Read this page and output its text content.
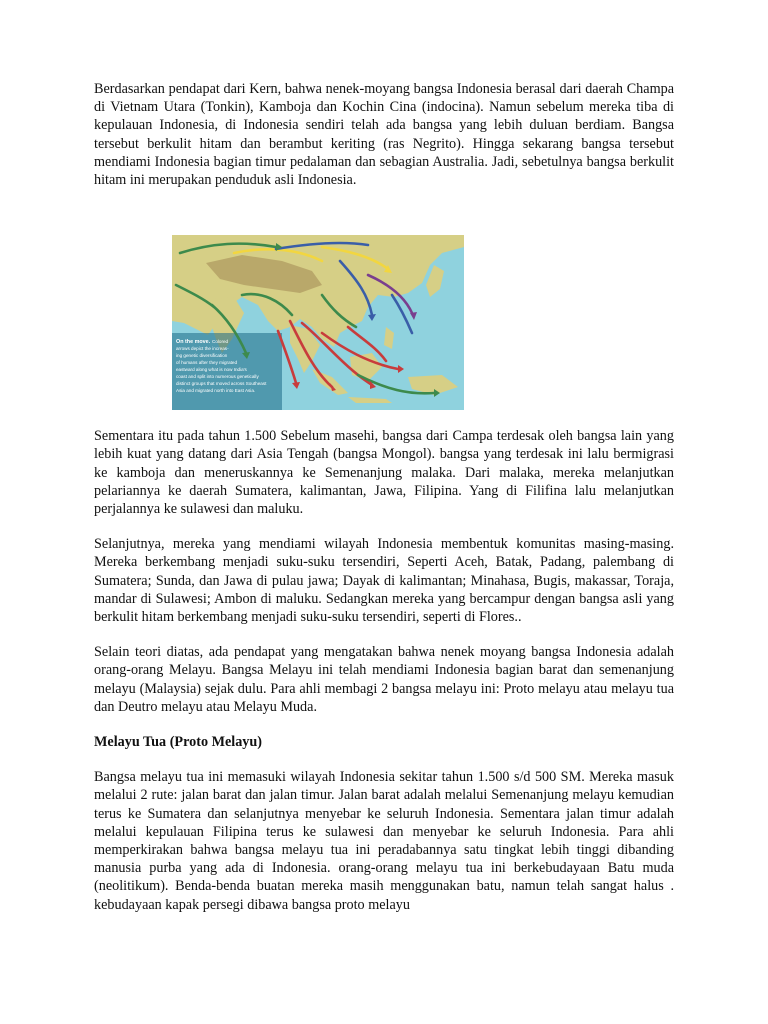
Berdasarkan pendapat dari Kern, bahwa nenek-moyang bangsa Indonesia berasal dari daerah Champa di Vietnam Utara (Tonkin), Kamboja dan Kochin Cina (indocina). Namun sebelum mereka tiba di kepulauan Indonesia, di Indonesia sendiri telah ada bangsa yang lebih duluan berdiam. Bangsa tersebut berkulit hitam dan berambut keriting (ras Negrito). Hingga sekarang bangsa tersebut mendiami Indonesia bagian timur pedalaman dan sebagian Australia. Jadi, sebetulnya bangsa berkulit hitam ini merupakan penduduk asli Indonesia.

On the move. Colored
arrows depict the increas-
ing genetic diversification
of humans after they migrated
eastward along what is now India's
coast and split into numerous genetically
distinct groups that moved across Southeast
Asia and migrated north into East Asia.

Sementara itu pada tahun 1.500 Sebelum masehi, bangsa dari Campa terdesak oleh bangsa lain yang lebih kuat yang datang dari Asia Tengah (bangsa Mongol). bangsa yang terdesak ini lalu bermigrasi ke kamboja dan meneruskannya ke Semenanjung malaka. Dari malaka, mereka melanjutkan pelariannya ke daerah Sumatera, kalimantan, Jawa, Filipina. Yang di Filifina lalu melanjutkan perjalannya ke sulawesi dan maluku.

Selanjutnya, mereka yang mendiami wilayah Indonesia membentuk komunitas masing-masing. Mereka berkembang menjadi suku-suku tersendiri, Seperti Aceh, Batak, Padang, palembang di Sumatera; Sunda, dan Jawa di pulau jawa; Dayak di kalimantan; Minahasa, Bugis, makassar, Toraja, mandar di Sulawesi; Ambon di maluku. Sedangkan mereka yang bercampur dengan bangsa asli yang berkulit hitam berkembang menjadi suku-suku tersendiri, seperti di Flores..

Selain teori diatas, ada pendapat yang mengatakan bahwa nenek moyang bangsa Indonesia adalah orang-orang Melayu. Bangsa Melayu ini telah mendiami Indonesia bagian barat dan semenanjung melayu (Malaysia) sejak dulu. Para ahli membagi 2 bangsa melayu ini: Proto melayu atau melayu tua dan Deutro melayu atau Melayu Muda.

Melayu Tua (Proto Melayu)

Bangsa melayu tua ini memasuki wilayah Indonesia sekitar tahun 1.500 s/d 500 SM. Mereka masuk melalui 2 rute: jalan barat dan jalan timur. Jalan barat adalah melalui Semenanjung melayu kemudian terus ke Sumatera dan selanjutnya menyebar ke seluruh Indonesia. Sementara jalan timur adalah melalui kepulauan Filipina terus ke sulawesi dan menyebar ke seluruh Indonesia. Para ahli memperkirakan bahwa bangsa melayu tua ini peradabannya satu tingkat lebih tinggi dibanding manusia purba yang ada di Indonesia. orang-orang melayu tua ini berkebudayaan Batu muda (neolitikum). Benda-benda buatan mereka masih menggunakan batu, namun telah sangat halus . kebudayaan kapak persegi dibawa bangsa proto melayu
